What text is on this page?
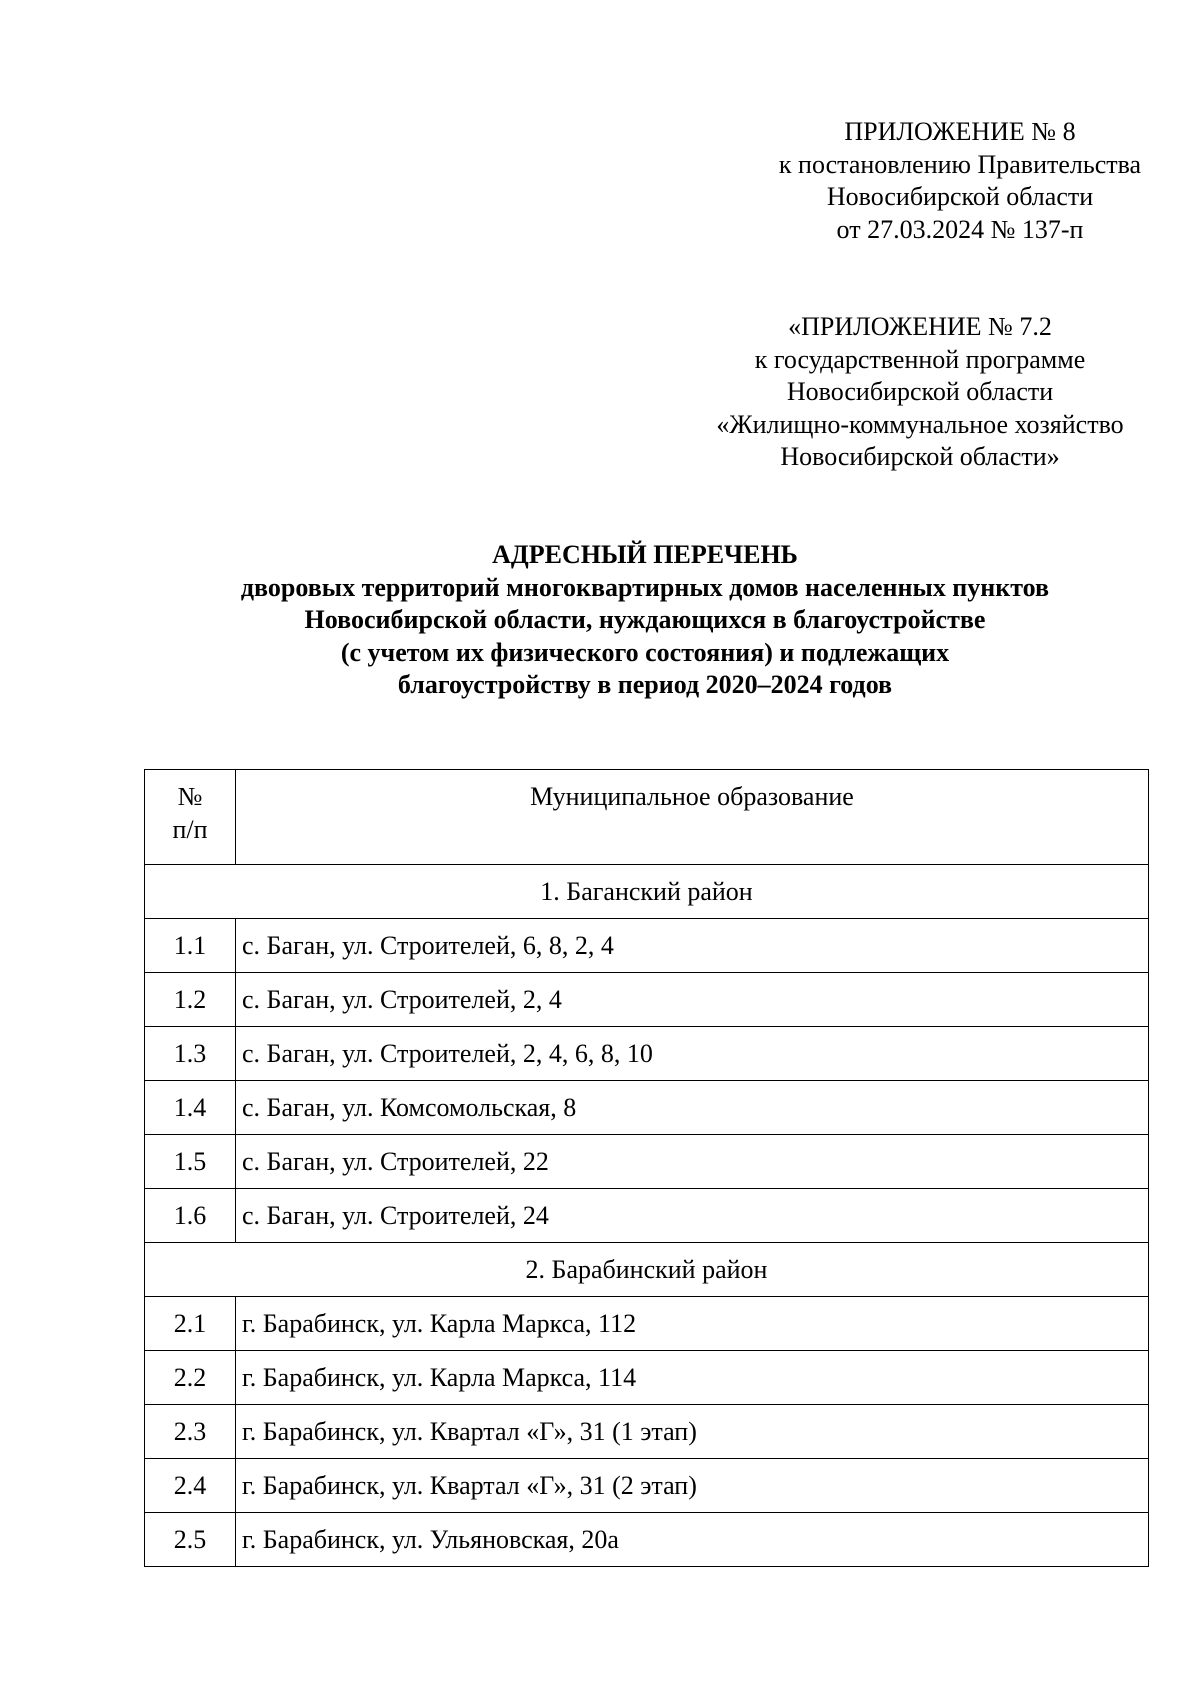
ПРИЛОЖЕНИЕ № 8
к постановлению Правительства
Новосибирской области
от 27.03.2024 № 137-п
«ПРИЛОЖЕНИЕ № 7.2
к государственной программе
Новосибирской области
«Жилищно-коммунальное хозяйство
Новосибирской области»
АДРЕСНЫЙ ПЕРЕЧЕНЬ
дворовых территорий многоквартирных домов населенных пунктов
Новосибирской области, нуждающихся в благоустройстве
(с учетом их физического состояния) и подлежащих
благоустройству в период 2020–2024 годов
№
п/п	Муниципальное образование
1. Баганский район	
1.1	с. Баган, ул. Строителей, 6, 8, 2, 4
1.2	с. Баган, ул. Строителей, 2, 4
1.3	с. Баган, ул. Строителей, 2, 4, 6, 8, 10
1.4	с. Баган, ул. Комсомольская, 8
1.5	с. Баган, ул. Строителей, 22
1.6	с. Баган, ул. Строителей, 24
2. Барабинский район	
2.1	г. Барабинск, ул. Карла Маркса, 112
2.2	г. Барабинск, ул. Карла Маркса, 114
2.3	г. Барабинск, ул. Квартал «Г», 31 (1 этап)
2.4	г. Барабинск, ул. Квартал «Г», 31 (2 этап)
2.5	г. Барабинск, ул. Ульяновская, 20а
